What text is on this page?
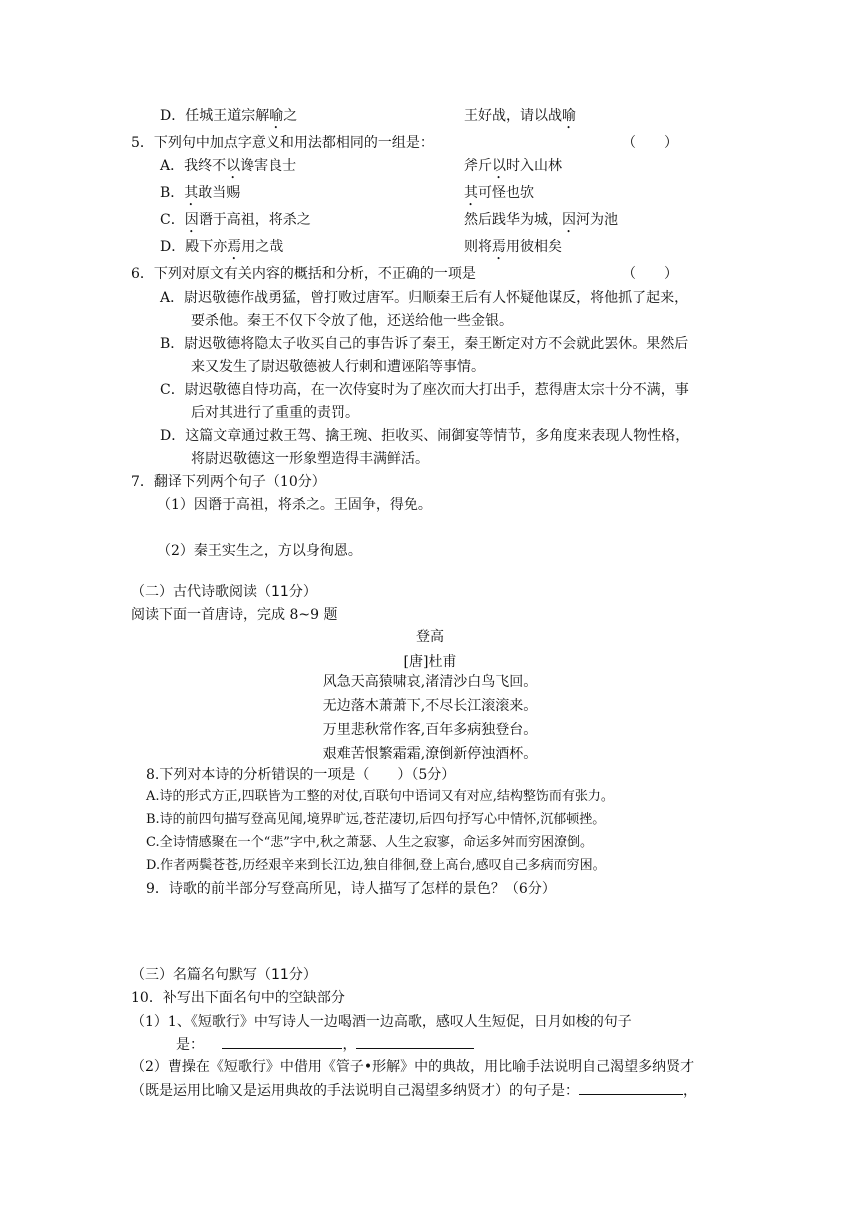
D．任城王道宗解喻之	王好战，请以战喻
5．下列句中加点字意义和用法都相同的一组是：	（　　）
A．我终不以谗害良士	斧斤以时入山林
B．其敢当赐	其可怪也欤
C．因谮于高祖，将杀之	然后践华为城，因河为池
D．殿下亦焉用之哉	则将焉用彼相矣
6．下列对原文有关内容的概括和分析，不正确的一项是	（　　）
A．尉迟敬德作战勇猛，曾打败过唐军。归顺秦王后有人怀疑他谋反，将他抓了起来，
要杀他。秦王不仅下令放了他，还送给他一些金银。
B．尉迟敬德将隐太子收买自己的事告诉了秦王，秦王断定对方不会就此罢休。果然后
来又发生了尉迟敬德被人行刺和遭诬陷等事情。
C．尉迟敬德自恃功高，在一次侍宴时为了座次而大打出手，惹得唐太宗十分不满，事
后对其进行了重重的责罚。
D．这篇文章通过救王驾、擒王琬、拒收买、闹御宴等情节，多角度来表现人物性格，
将尉迟敬德这一形象塑造得丰满鲜活。
7．翻译下列两个句子（10分）
（1）因谮于高祖，将杀之。王固争，得免。
（2）秦王实生之，方以身徇恩。
（二）古代诗歌阅读（11分）
阅读下面一首唐诗，完成 8~9 题
登高
[唐]杜甫
风急天高猿啸哀,渚清沙白鸟飞回。
无边落木萧萧下,不尽长江滚滚来。
万里悲秋常作客,百年多病独登台。
艰难苦恨繁霜霜,潦倒新停浊酒杯。
8.下列对本诗的分析错误的一项是（　　）（5分）
A.诗的形式方正,四联皆为工整的对仗,百联句中语词又有对应,结构整饬而有张力。
B.诗的前四句描写登高见闻,境界旷远,苍茫凄切,后四句抒写心中情怀,沉郁顿挫。
C.全诗情感聚在一个“悲”字中,秋之萧瑟、人生之寂寥，命运多舛而穷困潦倒。
D.作者两鬓苍苍,历经艰辛来到长江边,独自徘徊,登上高台,感叹自己多病而穷困。
9．诗歌的前半部分写登高所见，诗人描写了怎样的景色？（6分）
（三）名篇名句默写（11分）
10．补写出下面名句中的空缺部分
（1）1、《短歌行》中写诗人一边喝酒一边高歌，感叹人生短促，日月如梭的句子
是：	，
（2）曹操在《短歌行》中借用《管子•形解》中的典故，用比喻手法说明自己渴望多纳贤才
（既是运用比喻又是运用典故的手法说明自己渴望多纳贤才）的句子是：	，
